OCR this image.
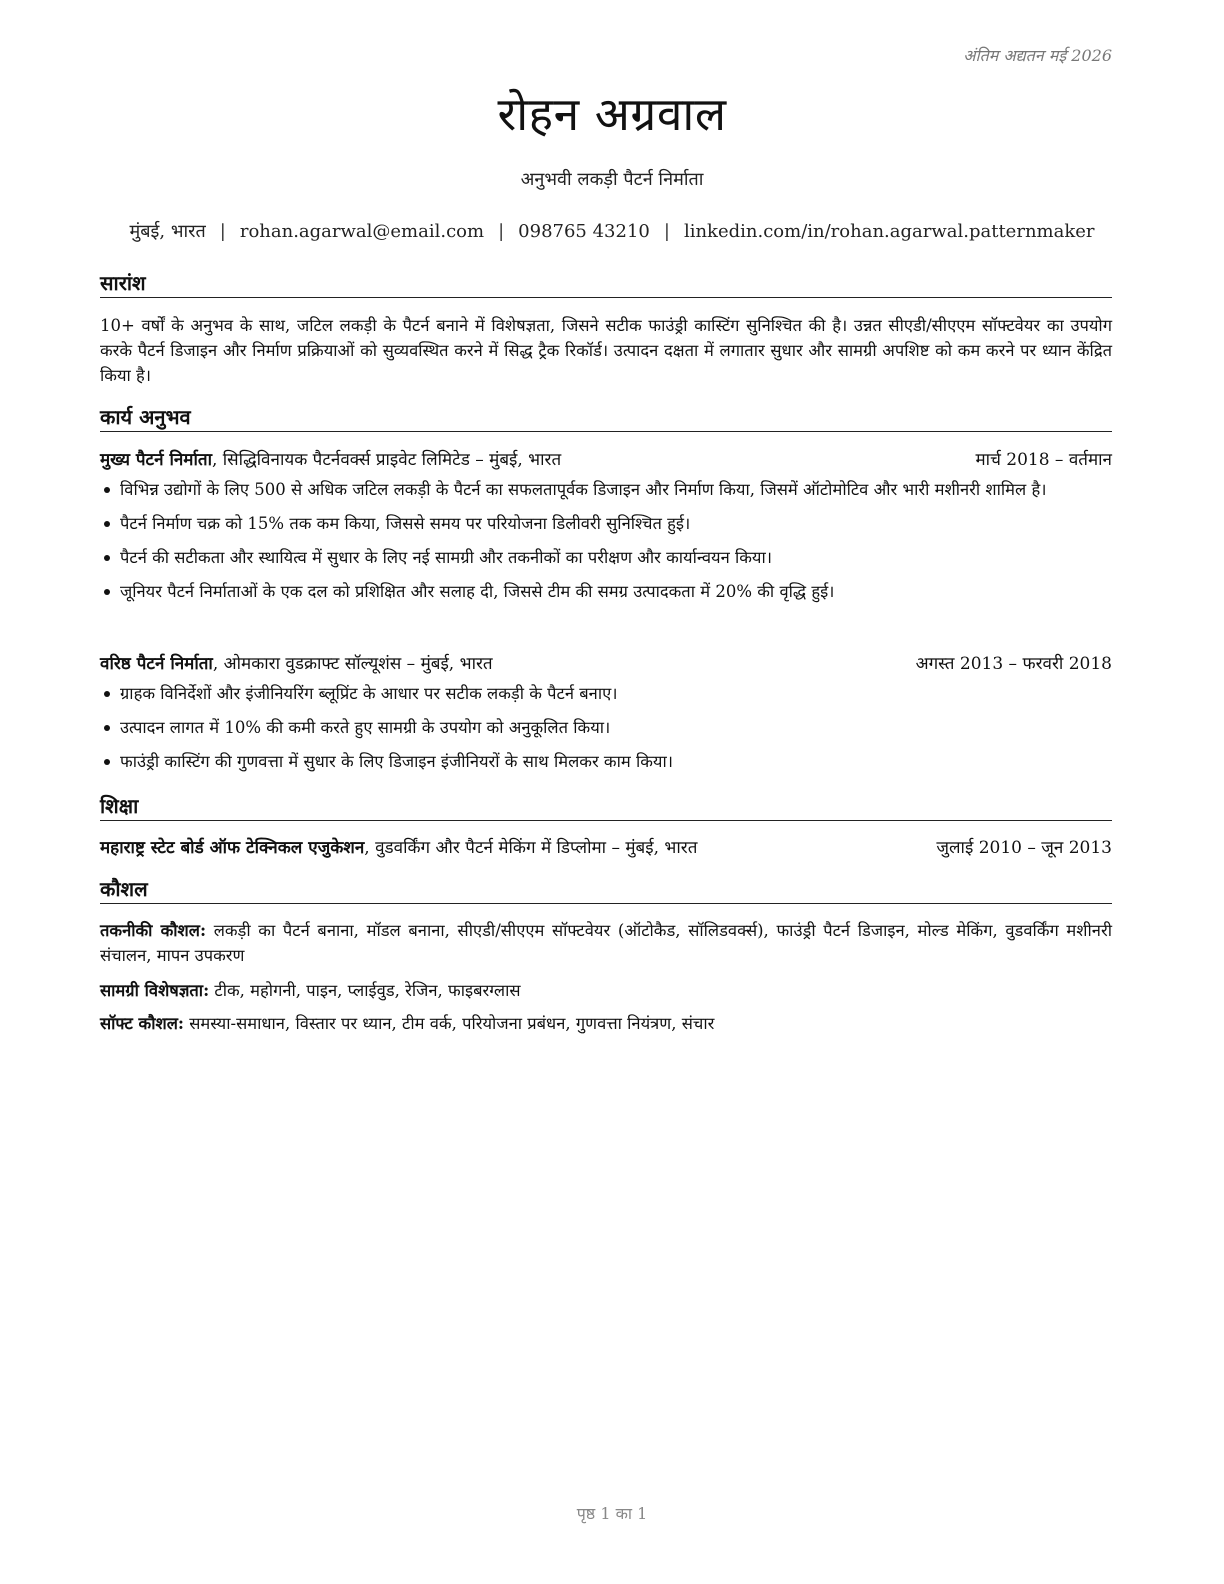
अंतिम अद्यतन मई 2026
रोहन अग्रवाल
अनुभवी लकड़ी पैटर्न निर्माता
मुंबई, भारत | rohan.agarwal@email.com | 098765 43210 | linkedin.com/in/rohan.agarwal.patternmaker
सारांश

10+ वर्षों के अनुभव के साथ, जटिल लकड़ी के पैटर्न बनाने में विशेषज्ञता, जिसने सटीक फाउंड्री कास्टिंग सुनिश्चित की है। उन्नत सीएडी/सीएएम सॉफ्टवेयर का उपयोग करके पैटर्न डिजाइन और निर्माण प्रक्रियाओं को सुव्यवस्थित करने में सिद्ध ट्रैक रिकॉर्ड। उत्पादन दक्षता में लगातार सुधार और सामग्री अपशिष्ट को कम करने पर ध्यान केंद्रित किया है।

कार्य अनुभव
मुख्य पैटर्न निर्माता, सिद्धिविनायक पैटर्नवर्क्स प्राइवेट लिमिटेड – मुंबई, भारत	मार्च 2018 – वर्तमान
विभिन्न उद्योगों के लिए 500 से अधिक जटिल लकड़ी के पैटर्न का सफलतापूर्वक डिजाइन और निर्माण किया, जिसमें ऑटोमोटिव और भारी मशीनरी शामिल है।
पैटर्न निर्माण चक्र को 15% तक कम किया, जिससे समय पर परियोजना डिलीवरी सुनिश्चित हुई।
पैटर्न की सटीकता और स्थायित्व में सुधार के लिए नई सामग्री और तकनीकों का परीक्षण और कार्यान्वयन किया।
जूनियर पैटर्न निर्माताओं के एक दल को प्रशिक्षित और सलाह दी, जिससे टीम की समग्र उत्पादकता में 20% की वृद्धि हुई।
वरिष्ठ पैटर्न निर्माता, ओमकारा वुडक्राफ्ट सॉल्यूशंस – मुंबई, भारत	अगस्त 2013 – फरवरी 2018
ग्राहक विनिर्देशों और इंजीनियरिंग ब्लूप्रिंट के आधार पर सटीक लकड़ी के पैटर्न बनाए।
उत्पादन लागत में 10% की कमी करते हुए सामग्री के उपयोग को अनुकूलित किया।
फाउंड्री कास्टिंग की गुणवत्ता में सुधार के लिए डिजाइन इंजीनियरों के साथ मिलकर काम किया।
शिक्षा
महाराष्ट्र स्टेट बोर्ड ऑफ टेक्निकल एजुकेशन, वुडवर्किंग और पैटर्न मेकिंग में डिप्लोमा – मुंबई, भारत	जुलाई 2010 – जून 2013
कौशल

तकनीकी कौशल: लकड़ी का पैटर्न बनाना, मॉडल बनाना, सीएडी/सीएएम सॉफ्टवेयर (ऑटोकैड, सॉलिडवर्क्स), फाउंड्री पैटर्न डिजाइन, मोल्ड मेकिंग, वुडवर्किंग मशीनरी संचालन, मापन उपकरण

सामग्री विशेषज्ञता: टीक, महोगनी, पाइन, प्लाईवुड, रेजिन, फाइबरग्लास

सॉफ्ट कौशल: समस्या-समाधान, विस्तार पर ध्यान, टीम वर्क, परियोजना प्रबंधन, गुणवत्ता नियंत्रण, संचार

पृष्ठ 1 का 1
